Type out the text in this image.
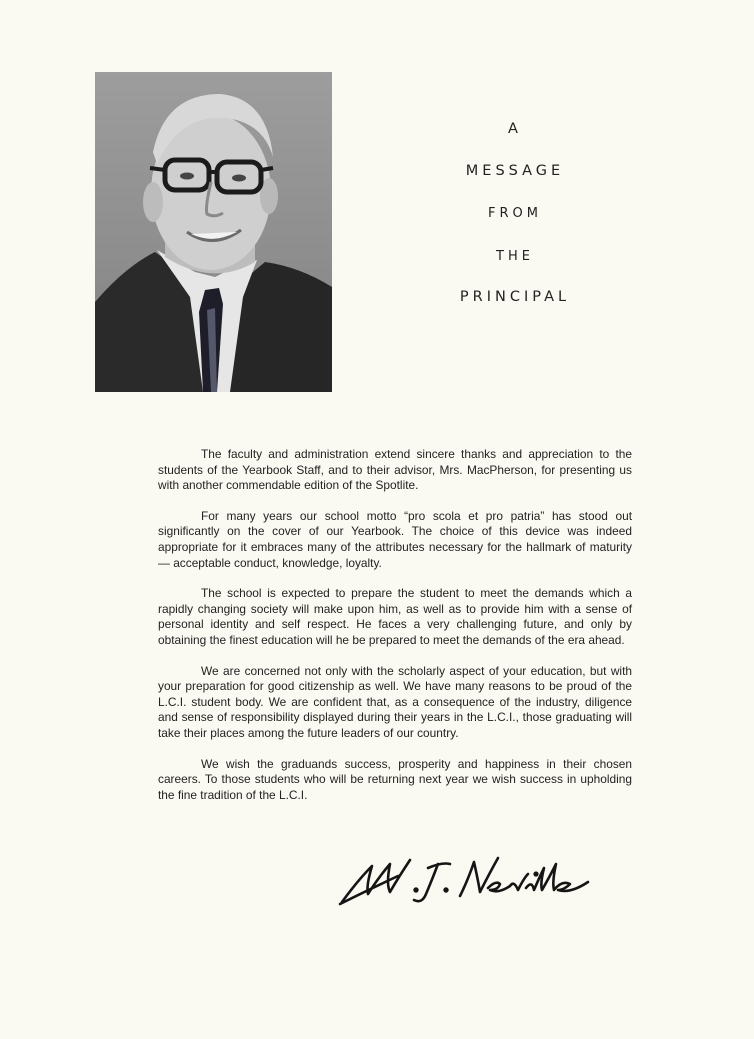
A
MESSAGE
FROM
THE
PRINCIPAL

The faculty and administration extend sincere thanks and appreciation to the students of the Yearbook Staff, and to their advisor, Mrs. MacPherson, for presenting us with another commendable edition of the Spotlite.

For many years our school motto “pro scola et pro patria” has stood out significantly on the cover of our Yearbook. The choice of this device was indeed appropriate for it embraces many of the attributes necessary for the hallmark of maturity — acceptable conduct, knowledge, loyalty.

The school is expected to prepare the student to meet the demands which a rapidly changing society will make upon him, as well as to provide him with a sense of personal identity and self respect. He faces a very challenging future, and only by obtaining the finest education will he be prepared to meet the demands of the era ahead.

We are concerned not only with the scholarly aspect of your education, but with your preparation for good citizenship as well. We have many reasons to be proud of the L.C.I. student body. We are confident that, as a consequence of the industry, diligence and sense of responsibility displayed during their years in the L.C.I., those graduating will take their places among the future leaders of our country.

We wish the graduands success, prosperity and happiness in their chosen careers. To those students who will be returning next year we wish success in upholding the fine tradition of the L.C.I.
